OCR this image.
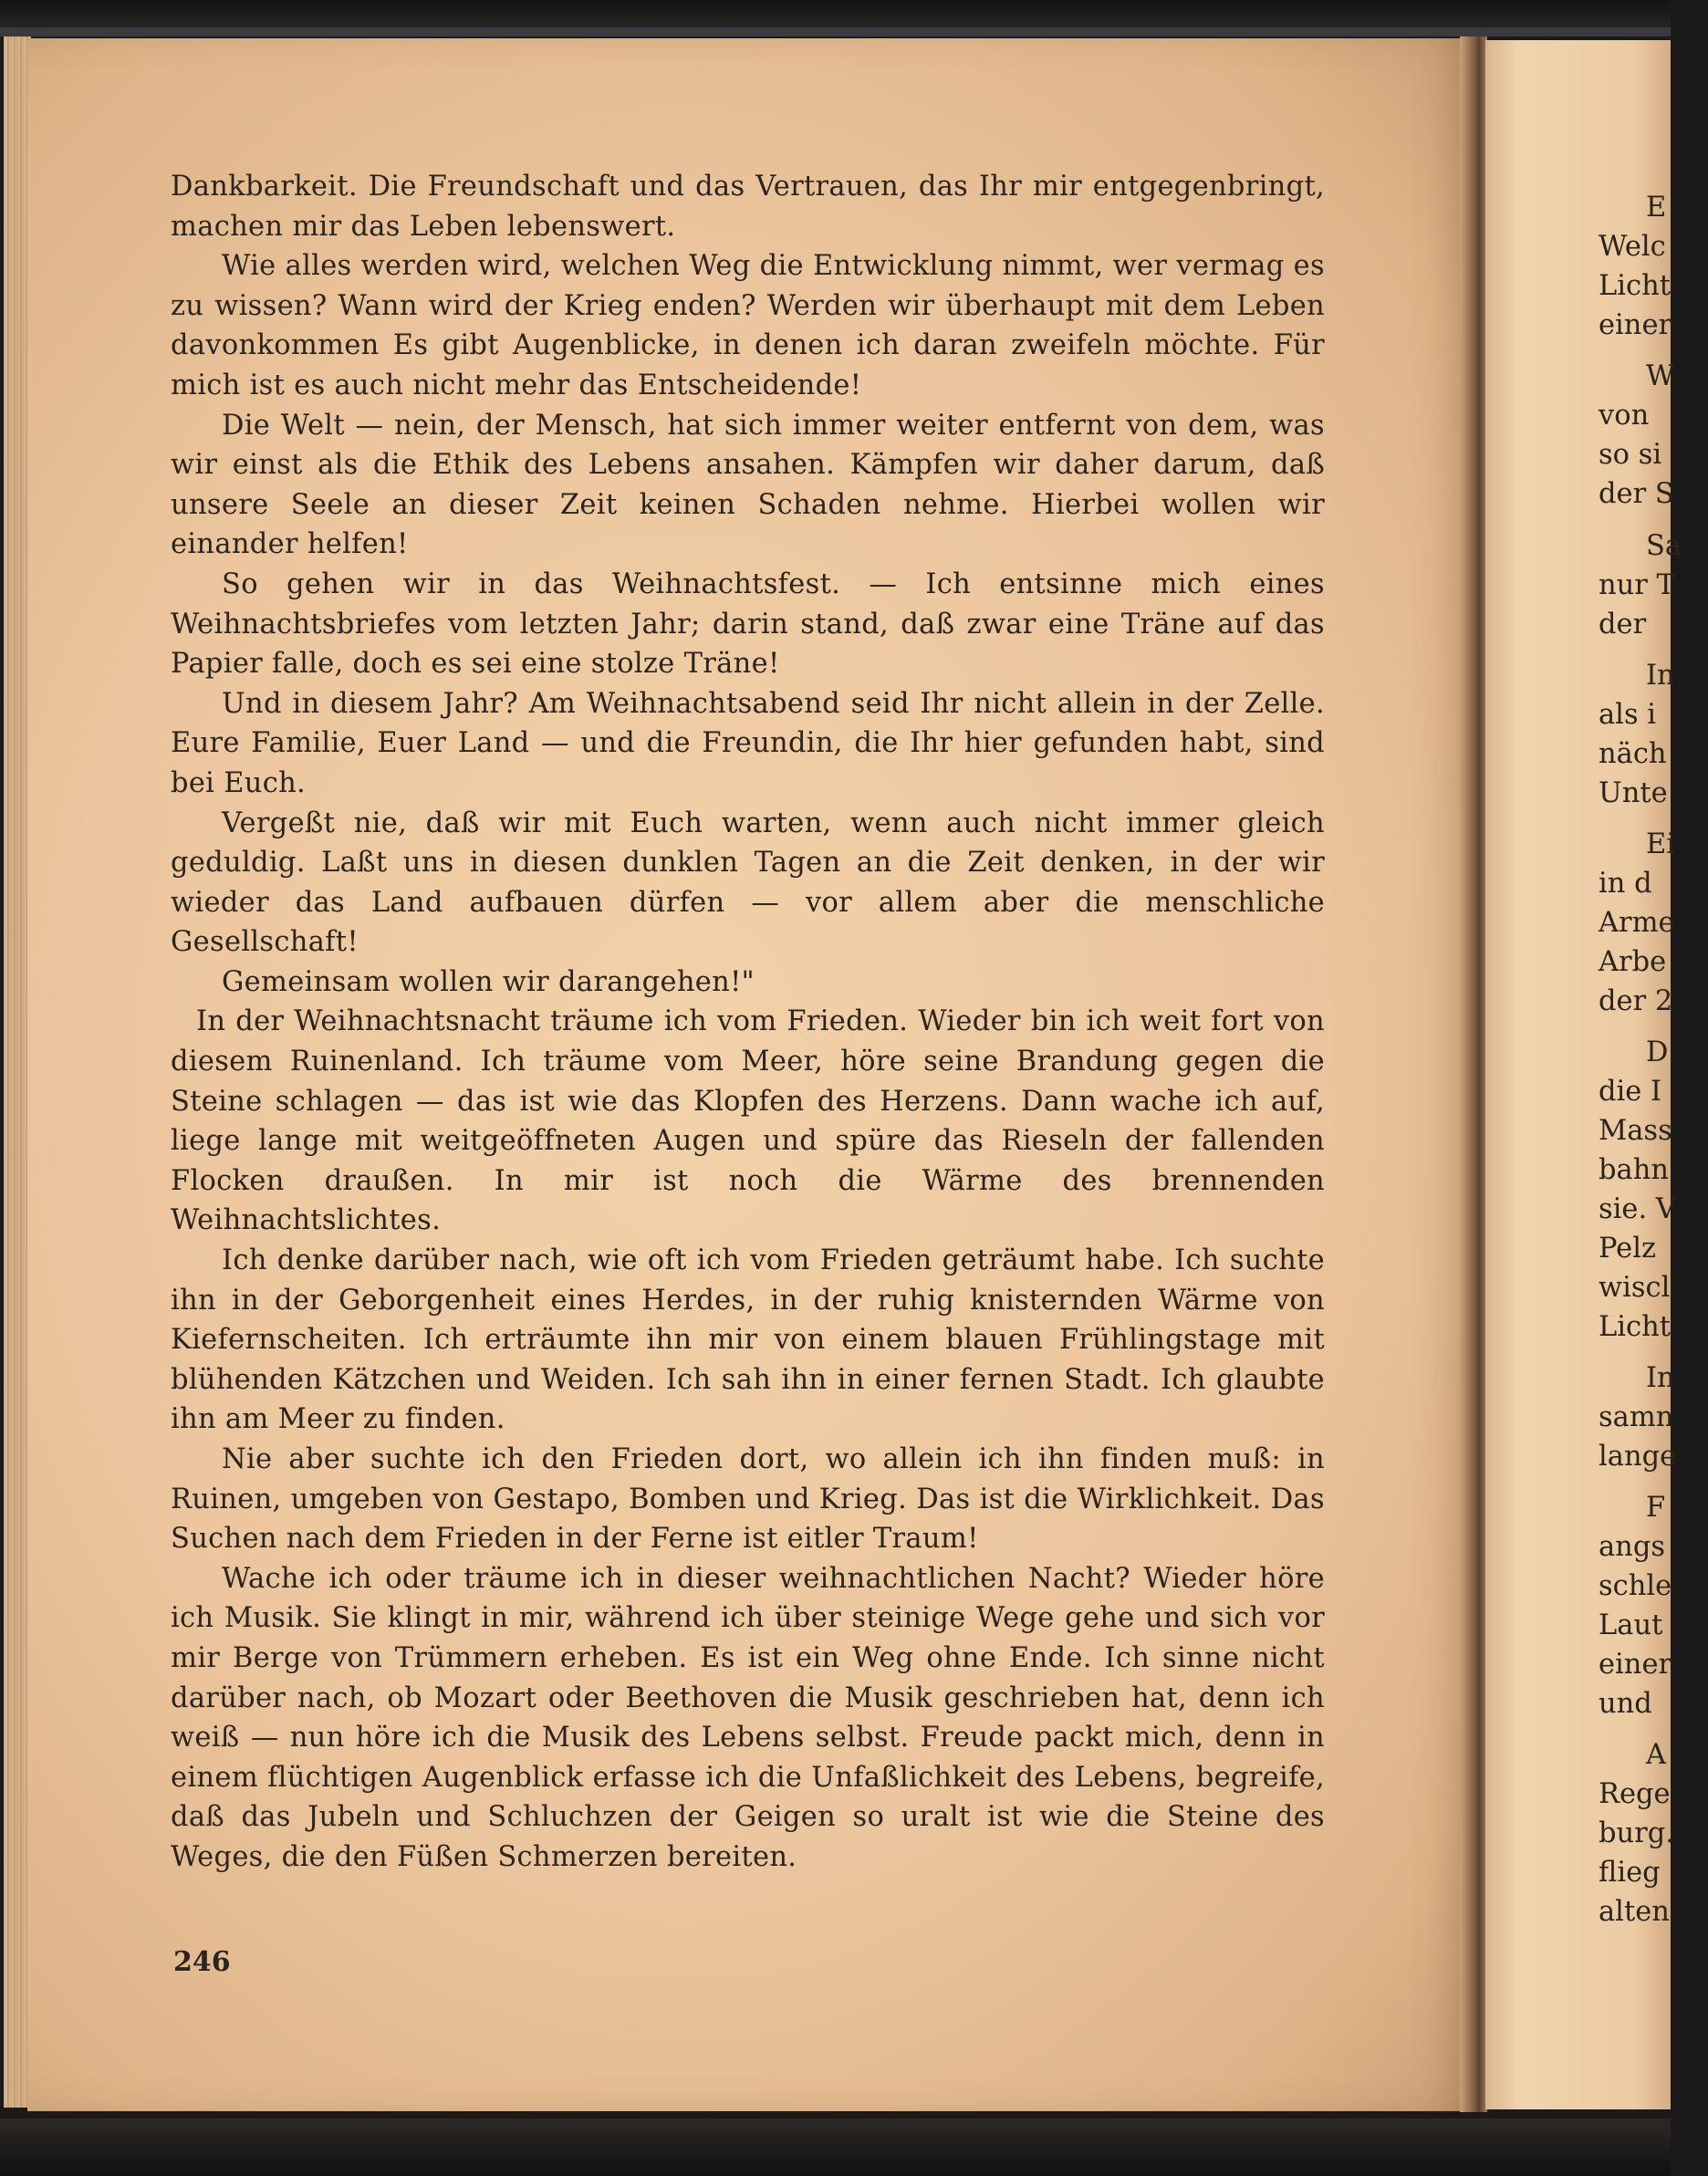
Dankbarkeit. Die Freundschaft und das Vertrauen, das Ihr mir entgegenbringt, machen mir das Leben lebenswert.

Wie alles werden wird, welchen Weg die Entwicklung nimmt, wer vermag es zu wissen? Wann wird der Krieg enden? Werden wir überhaupt mit dem Leben davonkommen Es gibt Augenblicke, in denen ich daran zweifeln möchte. Für mich ist es auch nicht mehr das Entscheidende!

Die Welt — nein, der Mensch, hat sich immer weiter entfernt von dem, was wir einst als die Ethik des Lebens ansahen. Kämpfen wir daher darum, daß unsere Seele an dieser Zeit keinen Schaden nehme. Hierbei wollen wir einander helfen!

So gehen wir in das Weihnachtsfest. — Ich entsinne mich eines Weihnachtsbriefes vom letzten Jahr; darin stand, daß zwar eine Träne auf das Papier falle, doch es sei eine stolze Träne!

Und in diesem Jahr? Am Weihnachtsabend seid Ihr nicht allein in der Zelle. Eure Familie, Euer Land — und die Freundin, die Ihr hier gefunden habt, sind bei Euch.

Vergeßt nie, daß wir mit Euch warten, wenn auch nicht immer gleich geduldig. Laßt uns in diesen dunklen Tagen an die Zeit denken, in der wir wieder das Land aufbauen dürfen — vor allem aber die menschliche Gesellschaft!

Gemeinsam wollen wir darangehen!"

In der Weihnachtsnacht träume ich vom Frieden. Wieder bin ich weit fort von diesem Ruinenland. Ich träume vom Meer, höre seine Brandung gegen die Steine schlagen — das ist wie das Klopfen des Herzens. Dann wache ich auf, liege lange mit weitgeöffneten Augen und spüre das Rieseln der fallenden Flocken draußen. In mir ist noch die Wärme des brennenden Weihnachtslichtes.

Ich denke darüber nach, wie oft ich vom Frieden geträumt habe. Ich suchte ihn in der Geborgenheit eines Herdes, in der ruhig knisternden Wärme von Kiefernscheiten. Ich erträumte ihn mir von einem blauen Frühlingstage mit blühenden Kätzchen und Weiden. Ich sah ihn in einer fernen Stadt. Ich glaubte ihn am Meer zu finden.

Nie aber suchte ich den Frieden dort, wo allein ich ihn finden muß: in Ruinen, umgeben von Gestapo, Bomben und Krieg. Das ist die Wirklichkeit. Das Suchen nach dem Frieden in der Ferne ist eitler Traum!

Wache ich oder träume ich in dieser weihnachtlichen Nacht? Wieder höre ich Musik. Sie klingt in mir, während ich über steinige Wege gehe und sich vor mir Berge von Trümmern erheben. Es ist ein Weg ohne Ende. Ich sinne nicht darüber nach, ob Mozart oder Beethoven die Musik geschrieben hat, denn ich weiß — nun höre ich die Musik des Lebens selbst. Freude packt mich, denn in einem flüchtigen Augenblick erfasse ich die Unfaßlichkeit des Lebens, begreife, daß das Jubeln und Schluchzen der Geigen so uralt ist wie die Steine des Weges, die den Füßen Schmerzen bereiten.

246
E
Welc
Licht
einer
W
von
so si
der S
Sa
nur T
der
In
als i
näch
Unte
Ei
in d
Arme
Arbe
der 2
D
die I
Mass
bahn
sie. V
Pelz
wiscl
Licht
In
samn
lange
F
angs
schle
Laut
einer
und
A
Rege
burg.
flieg
alten
